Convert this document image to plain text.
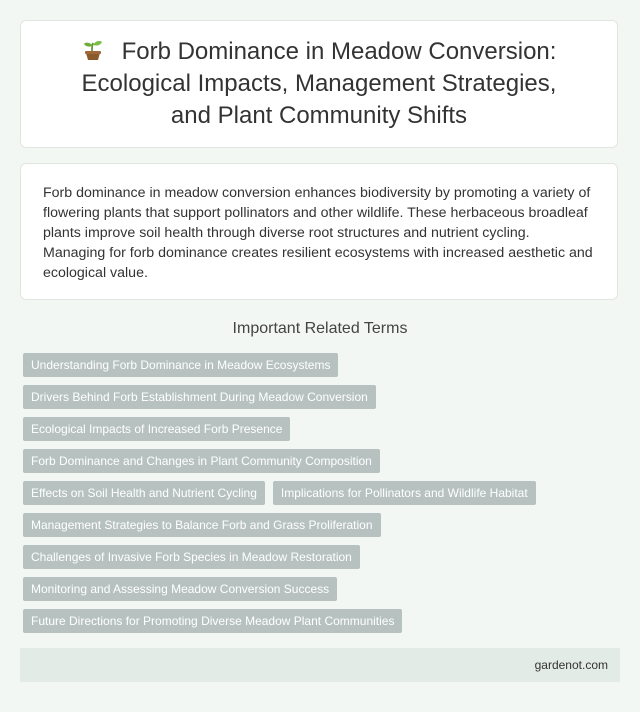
Forb Dominance in Meadow Conversion: Ecological Impacts, Management Strategies, and Plant Community Shifts

Forb dominance in meadow conversion enhances biodiversity by promoting a variety of flowering plants that support pollinators and other wildlife. These herbaceous broadleaf plants improve soil health through diverse root structures and nutrient cycling. Managing for forb dominance creates resilient ecosystems with increased aesthetic and ecological value.

Important Related Terms
Understanding Forb Dominance in Meadow Ecosystems
Drivers Behind Forb Establishment During Meadow Conversion
Ecological Impacts of Increased Forb Presence
Forb Dominance and Changes in Plant Community Composition
Effects on Soil Health and Nutrient Cycling	Implications for Pollinators and Wildlife Habitat
Management Strategies to Balance Forb and Grass Proliferation
Challenges of Invasive Forb Species in Meadow Restoration
Monitoring and Assessing Meadow Conversion Success
Future Directions for Promoting Diverse Meadow Plant Communities
gardenot.com
